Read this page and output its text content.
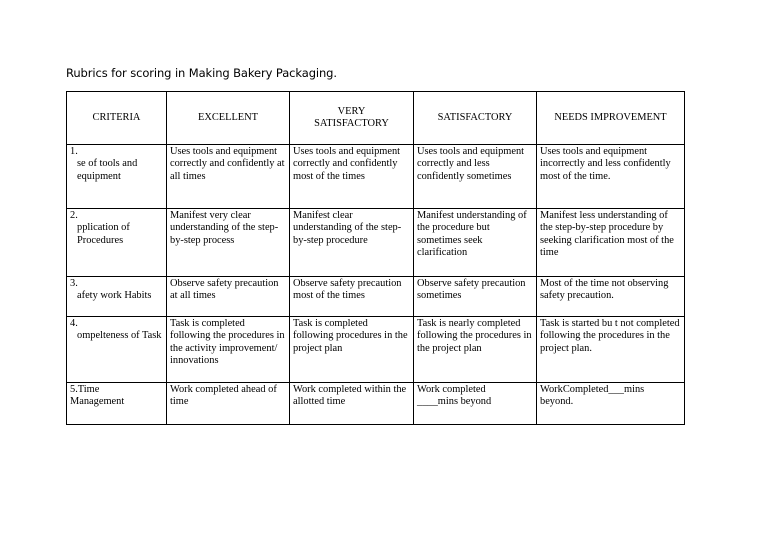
Rubrics for scoring in Making Bakery Packaging.
CRITERIA	EXCELLENT	VERY SATISFACTORY	SATISFACTORY	NEEDS IMPROVEMENT

1.
se of tools and equipment	Uses tools and equipment correctly and confidently at all times	Uses tools and equipment correctly and confidently most of the times	Uses tools and equipment correctly and less confidently sometimes	Uses tools and equipment incorrectly and less confidently most of the time.

2.
pplication of Procedures	Manifest very clear understanding of the step-by-step process	Manifest clear understanding of the step-by-step procedure	Manifest understanding of the procedure but sometimes seek clarification	Manifest less understanding of the step-by-step procedure by seeking clarification most of the time

3.
afety work Habits	Observe safety precaution at all times	Observe safety precaution most of the times	Observe safety precaution sometimes	Most of the time not observing safety precaution.

4.
ompelteness of Task	Task is completed following the procedures in the activity improvement/ innovations	Task is completed following procedures in the project plan	Task is nearly completed following the procedures in the project plan	Task is started bu t not completed following the procedures in the project plan.

5.Time Management	Work completed ahead of time	Work completed within the allotted time	Work completed ____mins beyond	WorkCompleted___mins beyond.
